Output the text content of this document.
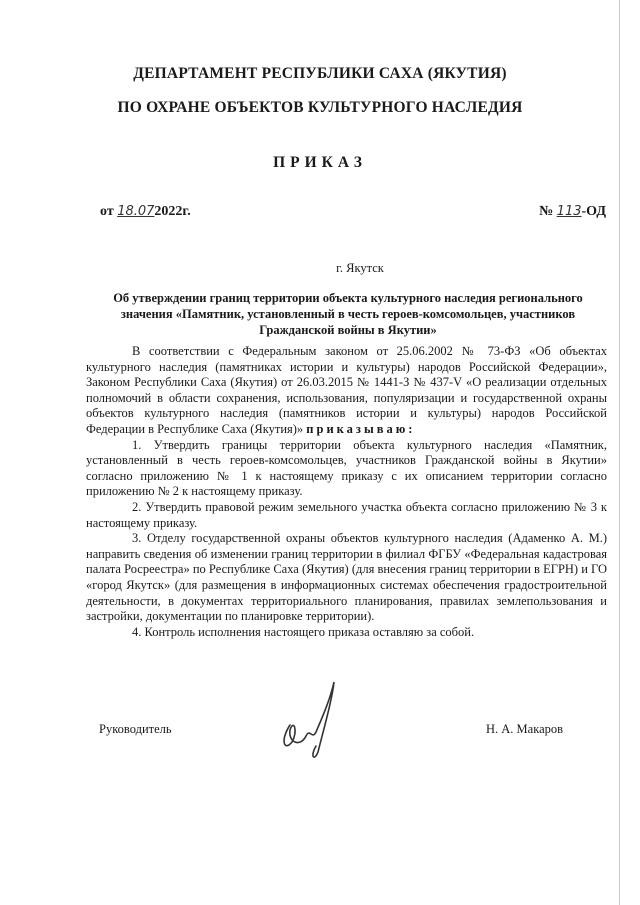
ДЕПАРТАМЕНТ РЕСПУБЛИКИ САХА (ЯКУТИЯ)
ПО ОХРАНЕ ОБЪЕКТОВ КУЛЬТУРНОГО НАСЛЕДИЯ
ПРИКАЗ
от 18.072022г.	№ 113-ОД
г. Якутск
Об утверждении границ территории объекта культурного наследия регионального значения «Памятник, установленный в честь героев-комсомольцев, участников Гражданской войны в Якутии»

В соответствии с Федеральным законом от 25.06.2002 № 73-ФЗ «Об объектах культурного наследия (памятниках истории и культуры) народов Российской Федерации», Законом Республики Саха (Якутия) от 26.03.2015 № 1441-З № 437-V «О реализации отдельных полномочий в области сохранения, использования, популяризации и государственной охраны объектов культурного наследия (памятников истории и культуры) народов Российской Федерации в Республике Саха (Якутия)» приказываю:

1. Утвердить границы территории объекта культурного наследия «Памятник, установленный в честь героев-комсомольцев, участников Гражданской войны в Якутии» согласно приложению № 1 к настоящему приказу с их описанием территории согласно приложению № 2 к настоящему приказу.

2. Утвердить правовой режим земельного участка объекта согласно приложению № 3 к настоящему приказу.

3. Отделу государственной охраны объектов культурного наследия (Адаменко А. М.) направить сведения об изменении границ территории в филиал ФГБУ «Федеральная кадастровая палата Росреестра» по Республике Саха (Якутия) (для внесения границ территории в ЕГРН) и ГО «город Якутск» (для размещения в информационных системах обеспечения градостроительной деятельности, в документах территориального планирования, правилах землепользования и застройки, документации по планировке территории).

4. Контроль исполнения настоящего приказа оставляю за собой.

Руководитель	Н. А. Макаров
